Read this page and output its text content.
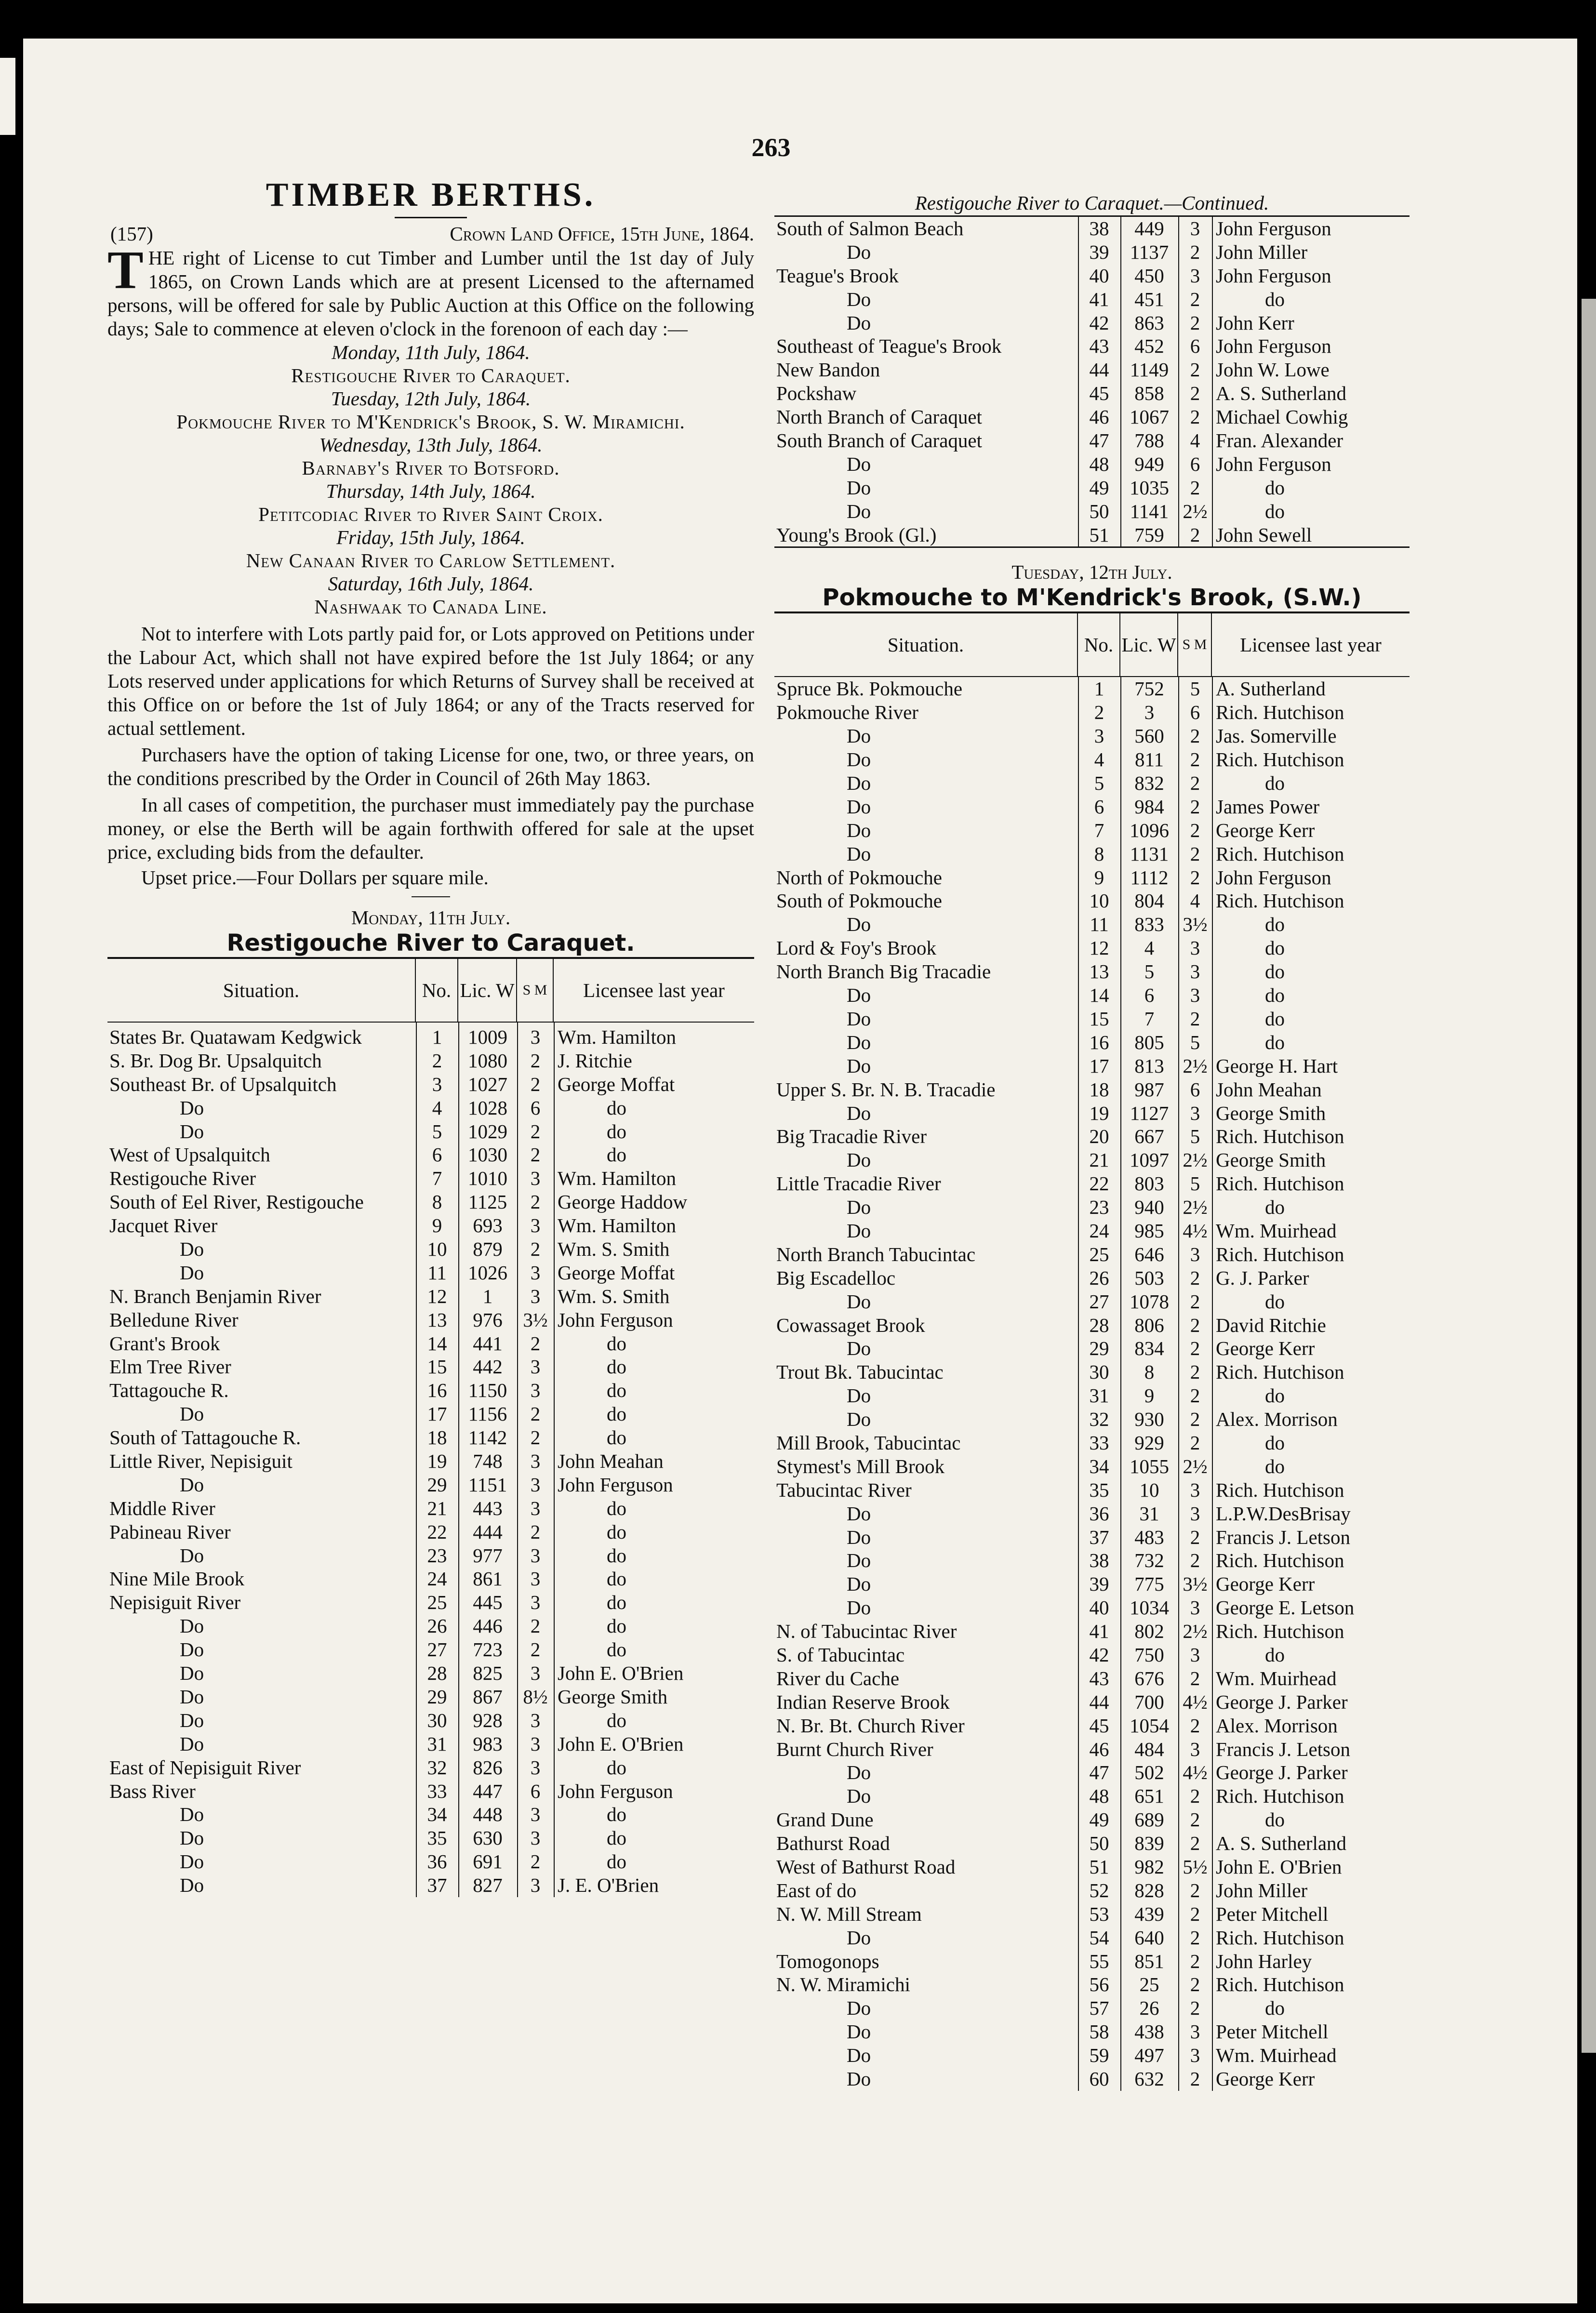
263
TIMBER BERTHS.
(157)	Crown Land Office, 15th June, 1864.
THE right of License to cut Timber and Lumber until the 1st day of July 1865, on Crown Lands which are at present Licensed to the afternamed persons, will be offered for sale by Public Auction at this Office on the following days; Sale to commence at eleven o'clock in the forenoon of each day :—
Monday, 11th July, 1864.
Restigouche River to Caraquet.
Tuesday, 12th July, 1864.
Pokmouche River to M'Kendrick's Brook, S. W. Miramichi.
Wednesday, 13th July, 1864.
Barnaby's River to Botsford.
Thursday, 14th July, 1864.
Petitcodiac River to River Saint Croix.
Friday, 15th July, 1864.
New Canaan River to Carlow Settlement.
Saturday, 16th July, 1864.
Nashwaak to Canada Line.
Not to interfere with Lots partly paid for, or Lots approved on Petitions under the Labour Act, which shall not have expired before the 1st July 1864; or any Lots reserved under applications for which Returns of Survey shall be received at this Office on or before the 1st of July 1864; or any of the Tracts reserved for actual settlement.
Purchasers have the option of taking License for one, two, or three years, on the conditions prescribed by the Order in Council of 26th May 1863.
In all cases of competition, the purchaser must immediately pay the purchase money, or else the Berth will be again forthwith offered for sale at the upset price, excluding bids from the defaulter.
Upset price.—Four Dollars per square mile.
Monday, 11th July.
Restigouche River to Caraquet.
Situation.	No. Lic. W S M	Licensee last year
States Br. Quatawam Kedgwick	1	1009	3 Wm. Hamilton
S. Br. Dog Br. Upsalquitch	2	1080	2 J. Ritchie
Southeast Br. of Upsalquitch	3	1027	2 George Moffat
Do	4	1028	6	do
Do	5	1029	2	do
West of Upsalquitch	6	1030	2	do
Restigouche River	7	1010	3 Wm. Hamilton
South of Eel River, Restigouche	8	1125	2 George Haddow
Jacquet River	9	693	3 Wm. Hamilton
Do	10	879	2 Wm. S. Smith
Do	11	1026	3 George Moffat
N. Branch Benjamin River	12	1	3 Wm. S. Smith
Belledune River	13	976	3½ John Ferguson
Grant's Brook	14	441	2	do
Elm Tree River	15	442	3	do
Tattagouche R.	16	1150	3	do
Do	17	1156	2	do
South of Tattagouche R.	18	1142	2	do
Little River, Nepisiguit	19	748	3 John Meahan
Do	29	1151	3 John Ferguson
Middle River	21	443	3	do
Pabineau River	22	444	2	do
Do	23	977	3	do
Nine Mile Brook	24	861	3	do
Nepisiguit River	25	445	3	do
Do	26	446	2	do
Do	27	723	2	do
Do	28	825	3 John E. O'Brien
Do	29	867	8½ George Smith
Do	30	928	3	do
Do	31	983	3 John E. O'Brien
East of Nepisiguit River	32	826	3	do
Bass River	33	447	6 John Ferguson
Do	34	448	3	do
Do	35	630	3	do
Do	36	691	2	do
Do	37	827	3 J. E. O'Brien
Restigouche River to Caraquet.—Continued.
South of Salmon Beach	38	449	3 John Ferguson
Do	39	1137	2 John Miller
Teague's Brook	40	450	3 John Ferguson
Do	41	451	2	do
Do	42	863	2 John Kerr
Southeast of Teague's Brook	43	452	6 John Ferguson
New Bandon	44	1149	2 John W. Lowe
Pockshaw	45	858	2 A. S. Sutherland
North Branch of Caraquet	46	1067	2 Michael Cowhig
South Branch of Caraquet	47	788	4 Fran. Alexander
Do	48	949	6 John Ferguson
Do	49	1035	2	do
Do	50	1141 2½	do
Young's Brook (Gl.)	51	759	2 John Sewell
Tuesday, 12th July.
Pokmouche to M'Kendrick's Brook, (S.W.)
Situation.	No. Lic. W S M	Licensee last year
Spruce Bk. Pokmouche	1	752	5 A. Sutherland
Pokmouche River	2	3	6 Rich. Hutchison
Do	3	560	2 Jas. Somerville
Do	4	811	2 Rich. Hutchison
Do	5	832	2	do
Do	6	984	2 James Power
Do	7	1096	2 George Kerr
Do	8	1131	2 Rich. Hutchison
North of Pokmouche	9	1112	2 John Ferguson
South of Pokmouche	10	804	4 Rich. Hutchison
Do	11	833 3½	do
Lord & Foy's Brook	12	4	3	do
North Branch Big Tracadie	13	5	3	do
Do	14	6	3	do
Do	15	7	2	do
Do	16	805	5	do
Do	17	813 2½ George H. Hart
Upper S. Br. N. B. Tracadie	18	987	6 John Meahan
Do	19	1127	3 George Smith
Big Tracadie River	20	667	5 Rich. Hutchison
Do	21	1097 2½ George Smith
Little Tracadie River	22	803	5 Rich. Hutchison
Do	23	940 2½	do
Do	24	985 4½ Wm. Muirhead
North Branch Tabucintac	25	646	3 Rich. Hutchison
Big Escadelloc	26	503	2 G. J. Parker
Do	27	1078	2	do
Cowassaget Brook	28	806	2 David Ritchie
Do	29	834	2 George Kerr
Trout Bk. Tabucintac	30	8	2 Rich. Hutchison
Do	31	9	2	do
Do	32	930	2 Alex. Morrison
Mill Brook, Tabucintac	33	929	2	do
Stymest's Mill Brook	34	1055 2½	do
Tabucintac River	35	10	3 Rich. Hutchison
Do	36	31	3 L.P.W.DesBrisay
Do	37	483	2 Francis J. Letson
Do	38	732	2 Rich. Hutchison
Do	39	775 3½ George Kerr
Do	40	1034	3 George E. Letson
N. of Tabucintac River	41	802 2½ Rich. Hutchison
S. of Tabucintac	42	750	3	do
River du Cache	43	676	2 Wm. Muirhead
Indian Reserve Brook	44	700 4½ George J. Parker
N. Br. Bt. Church River	45	1054	2 Alex. Morrison
Burnt Church River	46	484	3 Francis J. Letson
Do	47	502 4½ George J. Parker
Do	48	651	2 Rich. Hutchison
Grand Dune	49	689	2	do
Bathurst Road	50	839	2 A. S. Sutherland
West of Bathurst Road	51	982 5½ John E. O'Brien
East of do	52	828	2 John Miller
N. W. Mill Stream	53	439	2 Peter Mitchell
Do	54	640	2 Rich. Hutchison
Tomogonops	55	851	2 John Harley
N. W. Miramichi	56	25	2 Rich. Hutchison
Do	57	26	2	do
Do	58	438	3 Peter Mitchell
Do	59	497	3 Wm. Muirhead
Do	60	632	2 George Kerr
